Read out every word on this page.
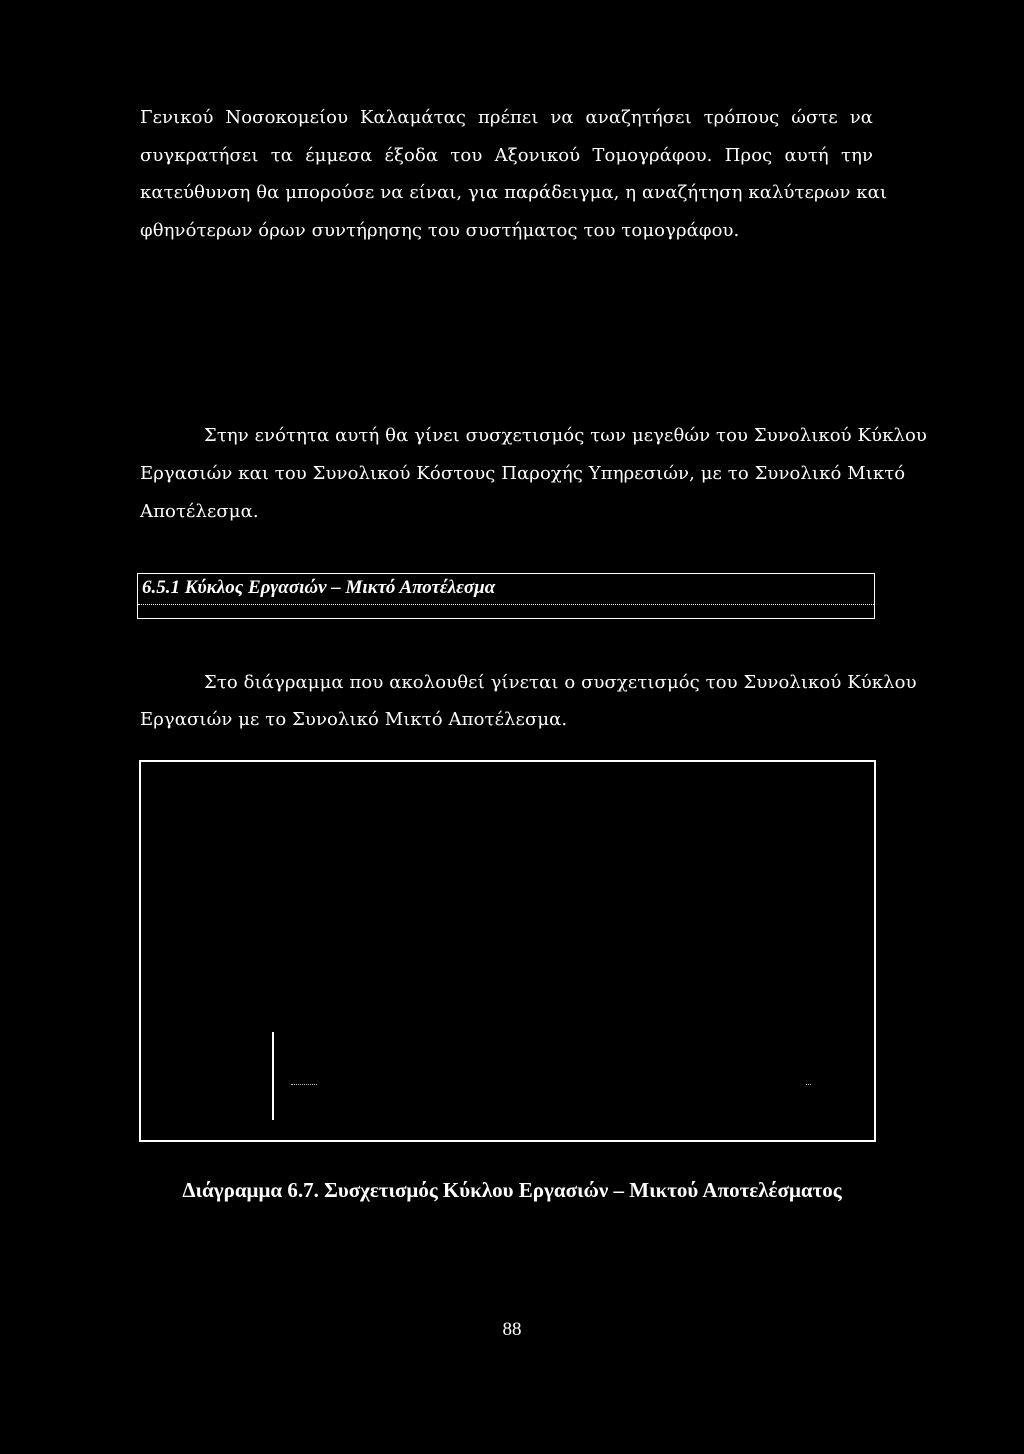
Γενικού Νοσοκομείου Καλαμάτας πρέπει να αναζητήσει τρόπους ώστε να
συγκρατήσει τα έμμεσα έξοδα του Αξονικού Τομογράφου. Προς αυτή την
κατεύθυνση θα μπορούσε να είναι, για παράδειγμα, η αναζήτηση καλύτερων και
φθηνότερων όρων συντήρησης του συστήματος του τομογράφου.
Στην ενότητα αυτή θα γίνει συσχετισμός των μεγεθών του Συνολικού Κύκλου
Εργασιών και του Συνολικού Κόστους Παροχής Υπηρεσιών, με το Συνολικό Μικτό
Αποτέλεσμα.
6.5.1 Κύκλος Εργασιών – Μικτό Αποτέλεσμα
Στο διάγραμμα που ακολουθεί γίνεται ο συσχετισμός του Συνολικού Κύκλου
Εργασιών με το Συνολικό Μικτό Αποτέλεσμα.
Διάγραμμα 6.7. Συσχετισμός Κύκλου Εργασιών – Μικτού Αποτελέσματος
88
